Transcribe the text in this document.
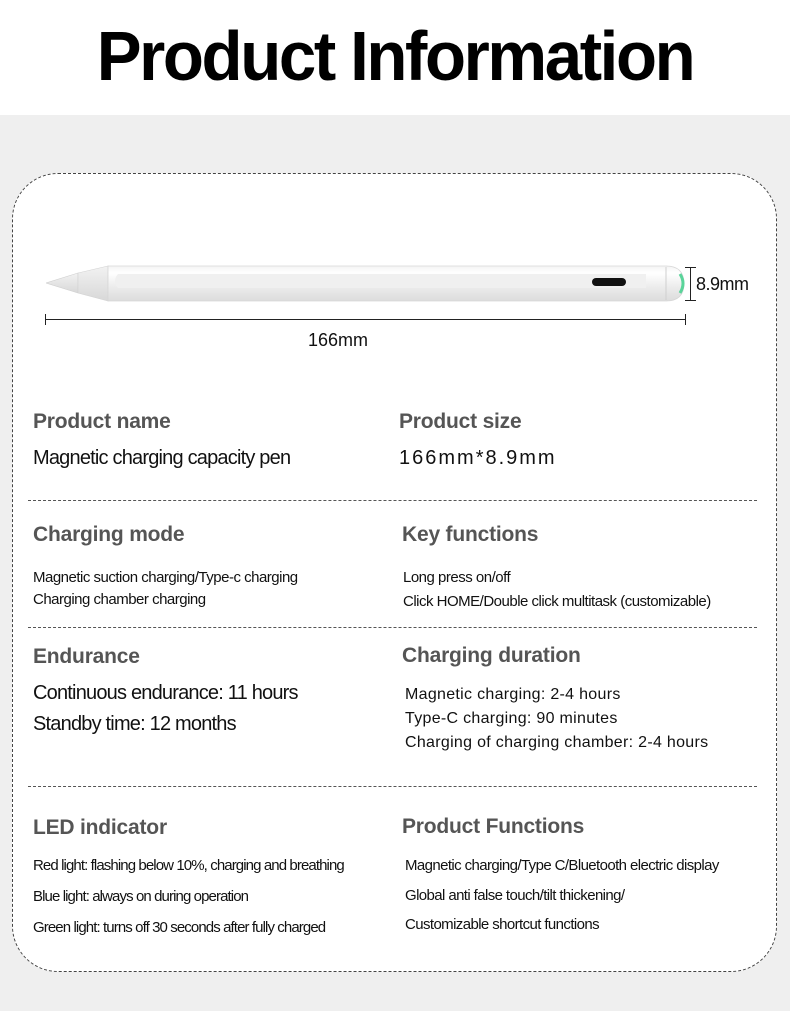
Product Information
166mm
8.9mm
Product name
Magnetic charging capacity pen
Product size
166mm*8.9mm
Charging mode
Magnetic suction charging/Type-c charging
Charging chamber charging
Key functions
Long press on/off
Click HOME/Double click multitask (customizable)
Endurance
Continuous endurance: 11 hours
Standby time: 12 months
Charging duration
Magnetic charging: 2-4 hours
Type-C charging: 90 minutes
Charging of charging chamber: 2-4 hours
LED indicator
Red light: flashing below 10%, charging and breathing
Blue light: always on during operation
Green light: turns off 30 seconds after fully charged
Product Functions
Magnetic charging/Type C/Bluetooth electric display
Global anti false touch/tilt thickening/
Customizable shortcut functions
